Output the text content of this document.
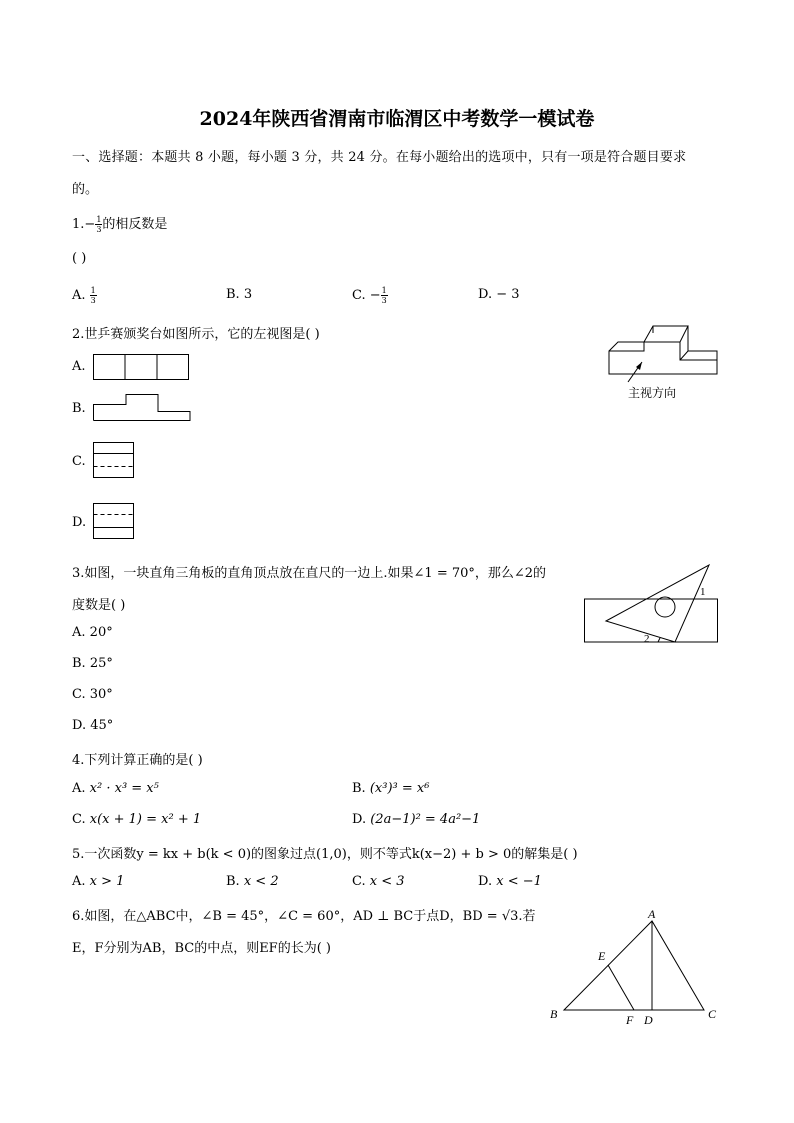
2024年陕西省渭南市临渭区中考数学一模试卷
一、选择题：本题共 8 小题，每小题 3 分，共 24 分。在每小题给出的选项中，只有一项是符合题目要求
的。
$1.- \frac{1}{3}$ 的相反数是
( )
A. $\frac{1}{3}$	B. 3	C. − $\frac{1}{3}$	D. − 3
2.世乒赛颁奖台如图所示，它的左视图是( )
A.
B.
C.
D.
主视方向
3.如图，一块直角三角板的直角顶点放在直尺的一边上.如果∠1 = 70°，那么∠2的
度数是( )
A. 20°
B. 25°
C. 30°
D. 45°
1
2
4.下列计算正确的是( )
A. x² · x³ = x⁵	B. (x³)³ = x⁶
C. x(x + 1) = x² + 1	D. (2a−1)² = 4a²−1
5.一次函数y = kx + b(k < 0)的图象过点(1,0)，则不等式k(x−2) + b > 0的解集是( )
A. x > 1	B. x < 2	C. x < 3	D. x < −1
6.如图，在△ABC中，∠B = 45°，∠C = 60°，AD ⊥ BC于点D，BD = √3.若
E，F分别为AB，BC的中点，则EF的长为( )
A
B	C
D
E
F
